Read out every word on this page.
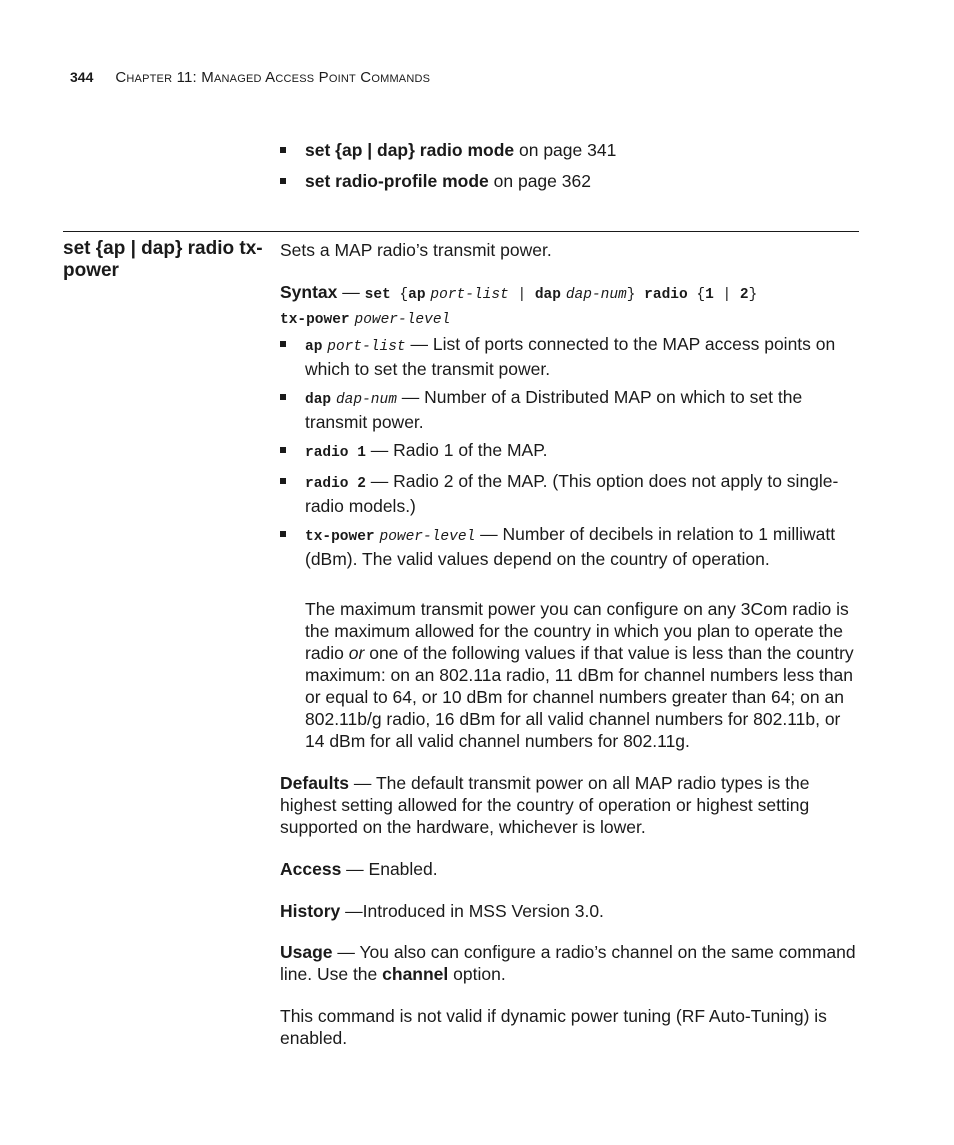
344 Chapter 11: Managed Access Point Commands
set {ap | dap} radio mode on page 341
set radio-profile mode on page 362
set {ap | dap} radio tx-power
Sets a MAP radio’s transmit power.
Syntax — set {ap port-list | dap dap-num} radio {1 | 2}
tx-power power-level
ap port-list — List of ports connected to the MAP access points on which to set the transmit power.
dap dap-num — Number of a Distributed MAP on which to set the transmit power.
radio 1 — Radio 1 of the MAP.
radio 2 — Radio 2 of the MAP. (This option does not apply to single-radio models.)
tx-power power-level — Number of decibels in relation to 1 milliwatt (dBm). The valid values depend on the country of operation.
The maximum transmit power you can configure on any 3Com radio is the maximum allowed for the country in which you plan to operate the radio or one of the following values if that value is less than the country maximum: on an 802.11a radio, 11 dBm for channel numbers less than or equal to 64, or 10 dBm for channel numbers greater than 64; on an 802.11b/g radio, 16 dBm for all valid channel numbers for 802.11b, or 14 dBm for all valid channel numbers for 802.11g.
Defaults — The default transmit power on all MAP radio types is the highest setting allowed for the country of operation or highest setting supported on the hardware, whichever is lower.
Access — Enabled.
History —Introduced in MSS Version 3.0.
Usage — You also can configure a radio’s channel on the same command line. Use the channel option.
This command is not valid if dynamic power tuning (RF Auto-Tuning) is enabled.
